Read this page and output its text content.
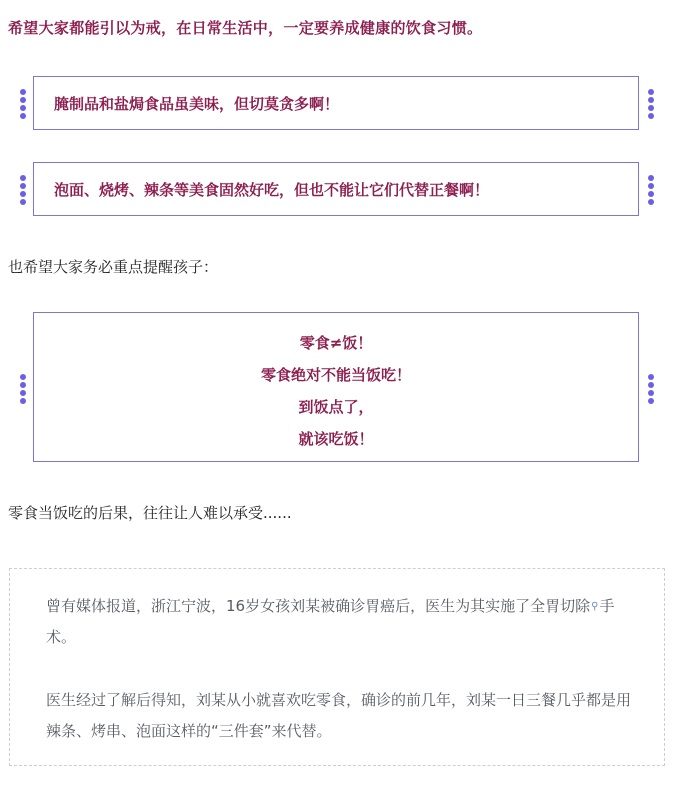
希望大家都能引以为戒，在日常生活中，一定要养成健康的饮食习惯。
腌制品和盐焗食品虽美味，但切莫贪多啊！
泡面、烧烤、辣条等美食固然好吃，但也不能让它们代替正餐啊！
也希望大家务必重点提醒孩子：
零食≠饭！
零食绝对不能当饭吃！
到饭点了，
就该吃饭！
零食当饭吃的后果，往往让人难以承受......
曾有媒体报道，浙江宁波，16岁女孩刘某被确诊胃癌后，医生为其实施了全胃切除⚲手术。
医生经过了解后得知，刘某从小就喜欢吃零食，确诊的前几年，刘某一日三餐几乎都是用辣条、烤串、泡面这样的“三件套”来代替。
